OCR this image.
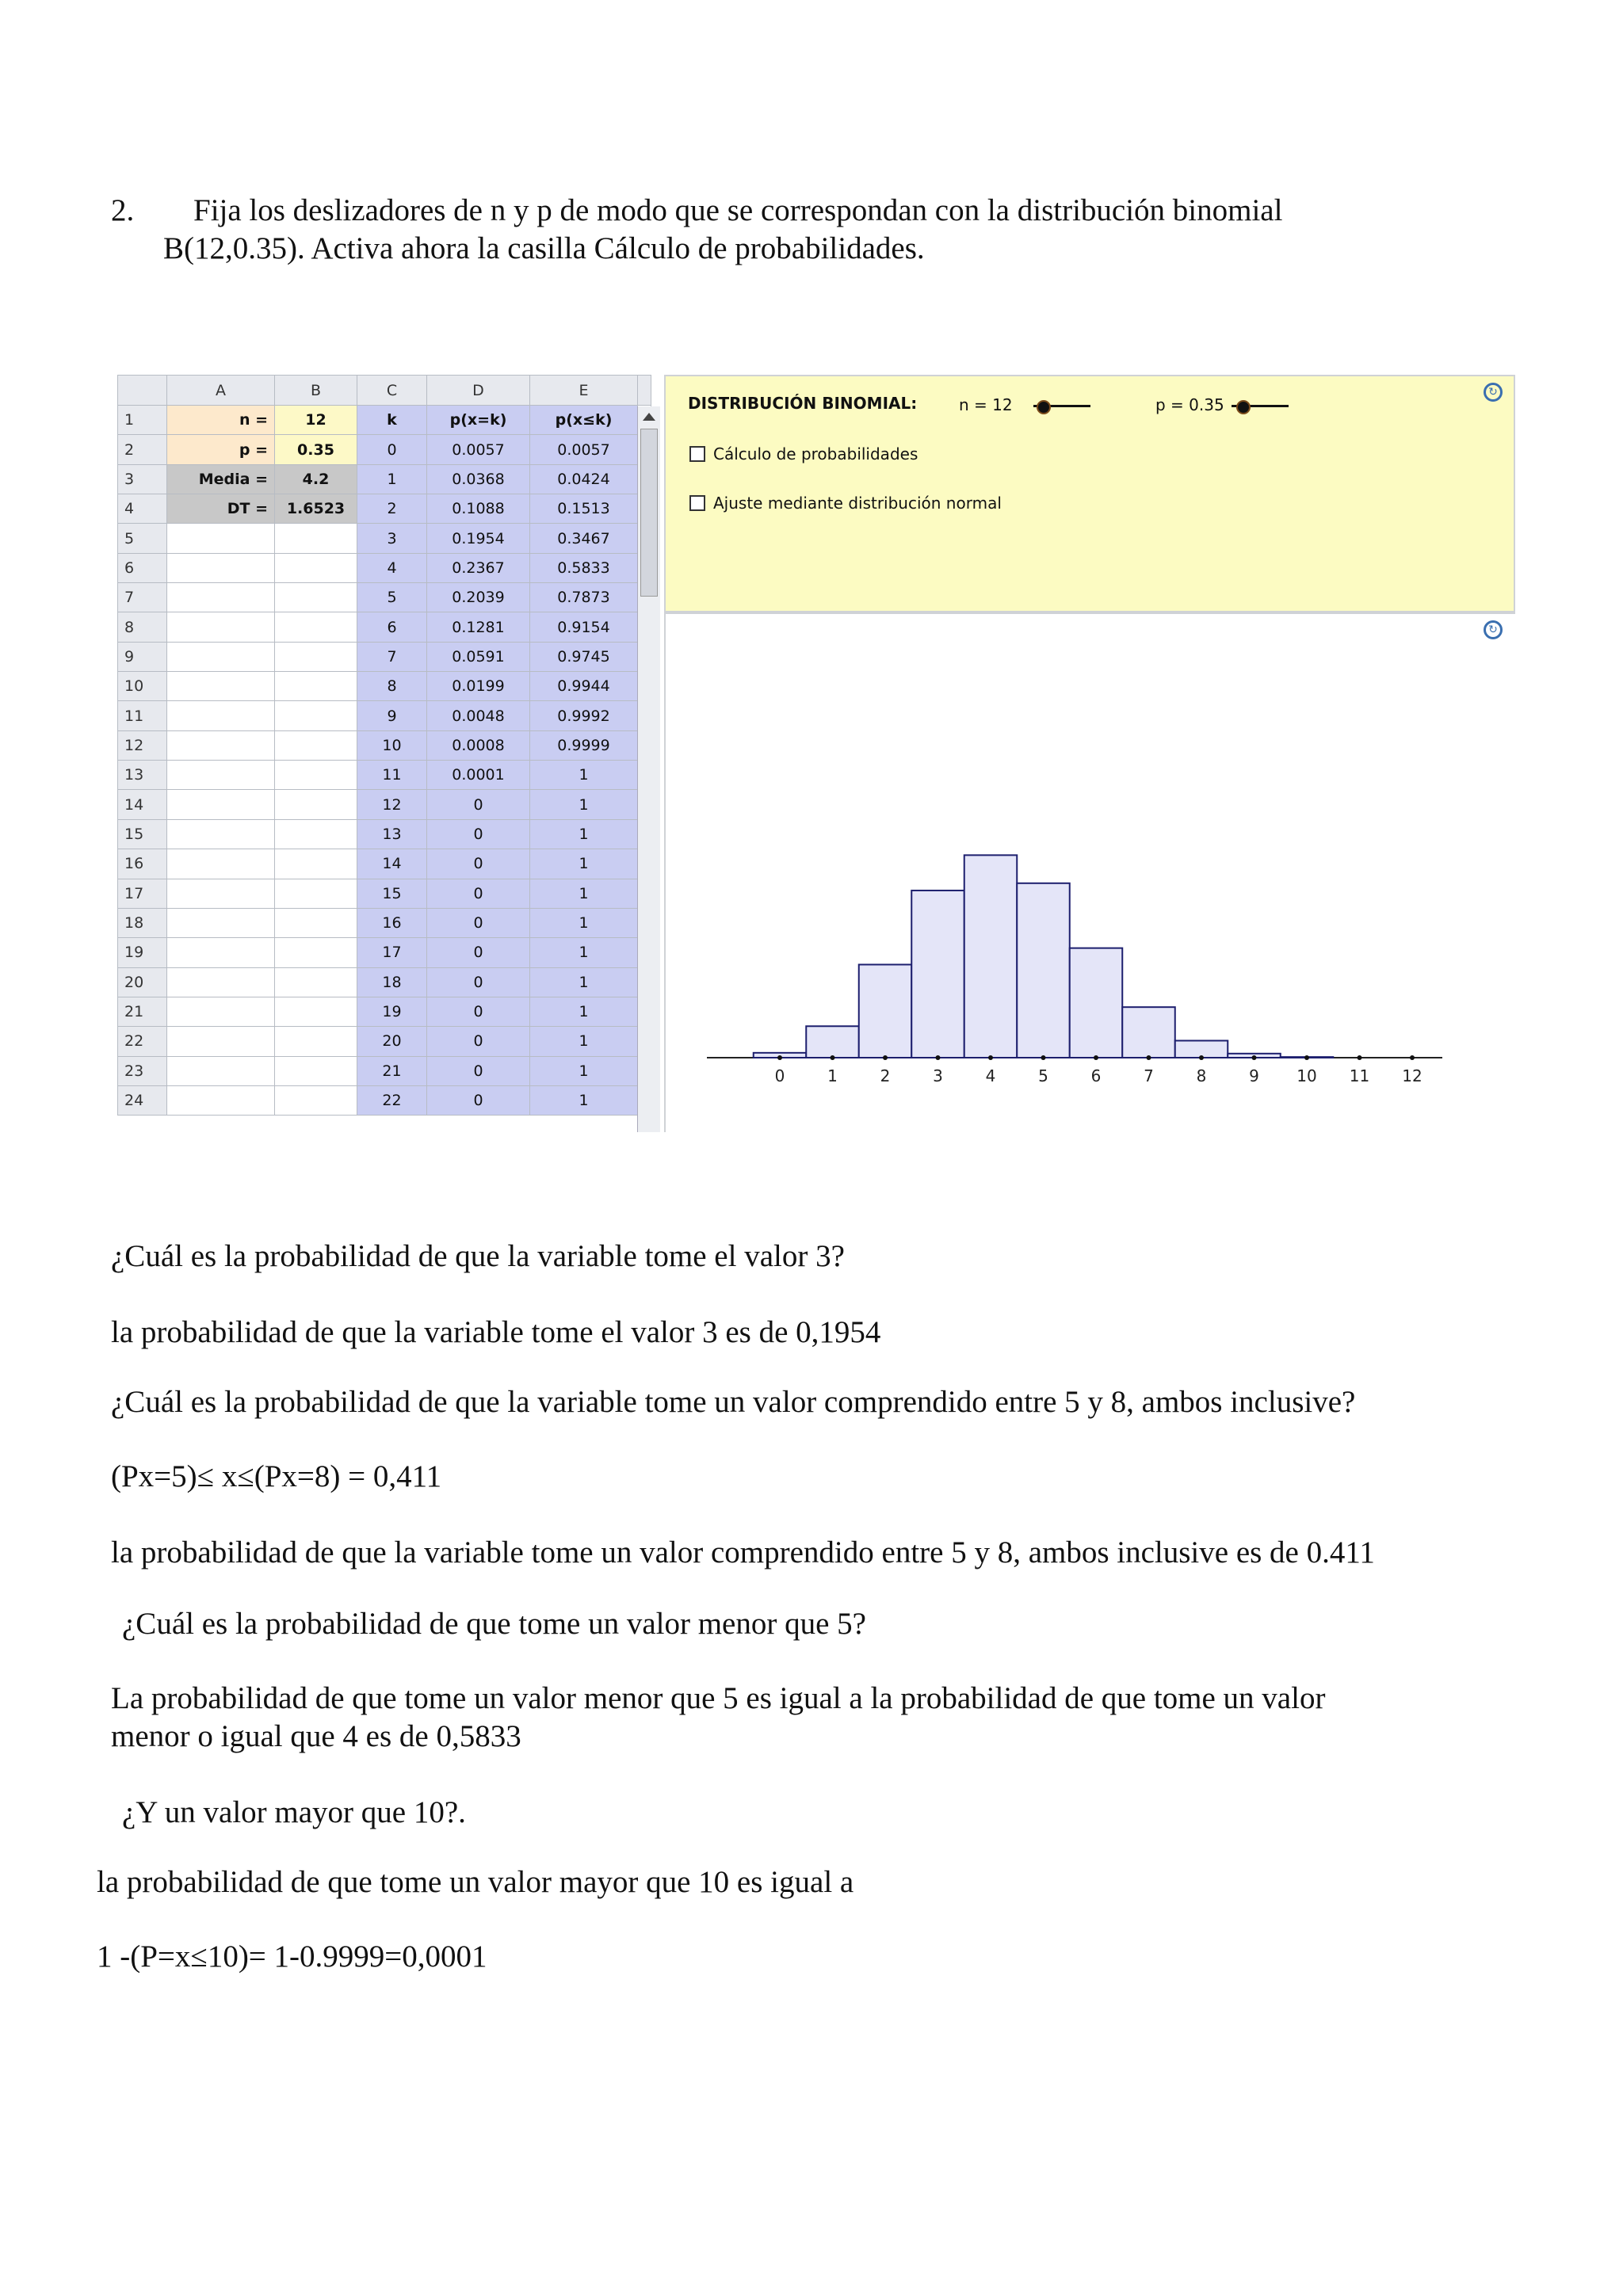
2. Fija los deslizadores de n y p de modo que se correspondan con la distribución binomial
B(12,0.35). Activa ahora la casilla Cálculo de probabilidades.
	A	B	C	D	E	
1	n =	12	k	p(x=k)	p(x≤k)	
2	p =	0.35	0	0.0057	0.0057	
3	Media =	4.2	1	0.0368	0.0424	
4	DT =	1.6523	2	0.1088	0.1513	
5			3	0.1954	0.3467	
6			4	0.2367	0.5833	
7			5	0.2039	0.7873	
8			6	0.1281	0.9154	
9			7	0.0591	0.9745	
10			8	0.0199	0.9944	
11			9	0.0048	0.9992	
12			10	0.0008	0.9999	
13			11	0.0001	1	
14			12	0	1	
15			13	0	1	
16			14	0	1	
17			15	0	1	
18			16	0	1	
19			17	0	1	
20			18	0	1	
21			19	0	1	
22			20	0	1	
23			21	0	1	
24			22	0	1	
DISTRIBUCIÓN BINOMIAL:	n = 12	p = 0.35
Cálculo de probabilidades
Ajuste mediante distribución normal
↻
↻
0	1	2	3	4	5	6	7	8	9 10 11 12
¿Cuál es la probabilidad de que la variable tome el valor 3?
la probabilidad de que la variable tome el valor 3 es de 0,1954
¿Cuál es la probabilidad de que la variable tome un valor comprendido entre 5 y 8, ambos inclusive?
(Px=5)≤ x≤(Px=8) = 0,411
la probabilidad de que la variable tome un valor comprendido entre 5 y 8, ambos inclusive es de 0.411
¿Cuál es la probabilidad de que tome un valor menor que 5?
La probabilidad de que tome un valor menor que 5 es igual a la probabilidad de que tome un valor
menor o igual que 4 es de 0,5833
¿Y un valor mayor que 10?.
la probabilidad de que tome un valor mayor que 10 es igual a
1 -(P=x≤10)= 1-0.9999=0,0001
